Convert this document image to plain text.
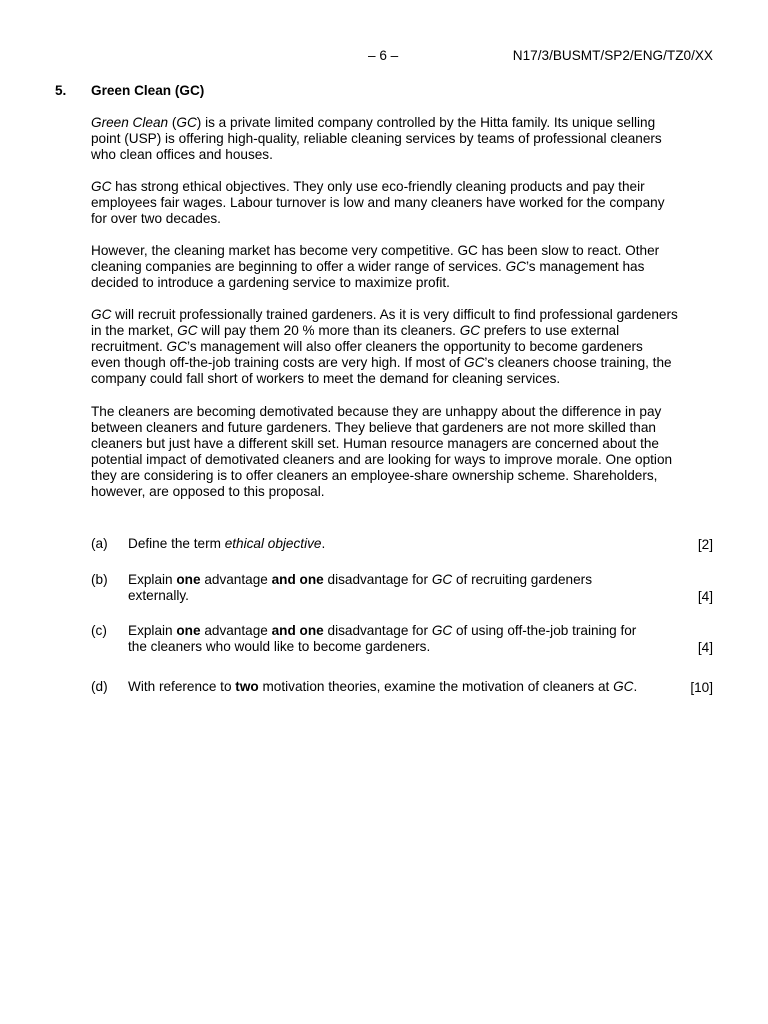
– 6 –	N17/3/BUSMT/SP2/ENG/TZ0/XX
5. Green Clean (GC)
Green Clean (GC) is a private limited company controlled by the Hitta family. Its unique selling
point (USP) is offering high-quality, reliable cleaning services by teams of professional cleaners
who clean offices and houses.
GC has strong ethical objectives. They only use eco-friendly cleaning products and pay their
employees fair wages. Labour turnover is low and many cleaners have worked for the company
for over two decades.
However, the cleaning market has become very competitive. GC has been slow to react. Other
cleaning companies are beginning to offer a wider range of services. GC’s management has
decided to introduce a gardening service to maximize profit.
GC will recruit professionally trained gardeners. As it is very difficult to find professional gardeners
in the market, GC will pay them 20 % more than its cleaners. GC prefers to use external
recruitment. GC’s management will also offer cleaners the opportunity to become gardeners
even though off-the-job training costs are very high. If most of GC’s cleaners choose training, the
company could fall short of workers to meet the demand for cleaning services.
The cleaners are becoming demotivated because they are unhappy about the difference in pay
between cleaners and future gardeners. They believe that gardeners are not more skilled than
cleaners but just have a different skill set. Human resource managers are concerned about the
potential impact of demotivated cleaners and are looking for ways to improve morale. One option
they are considering is to offer cleaners an employee-share ownership scheme. Shareholders,
however, are opposed to this proposal.
(a) Define the term ethical objective.	[2]
(b) Explain one advantage and one disadvantage for GC of recruiting gardeners
externally.	[4]
(c) Explain one advantage and one disadvantage for GC of using off-the-job training for
the cleaners who would like to become gardeners.	[4]
(d) With reference to two motivation theories, examine the motivation of cleaners at GC.	[10]
